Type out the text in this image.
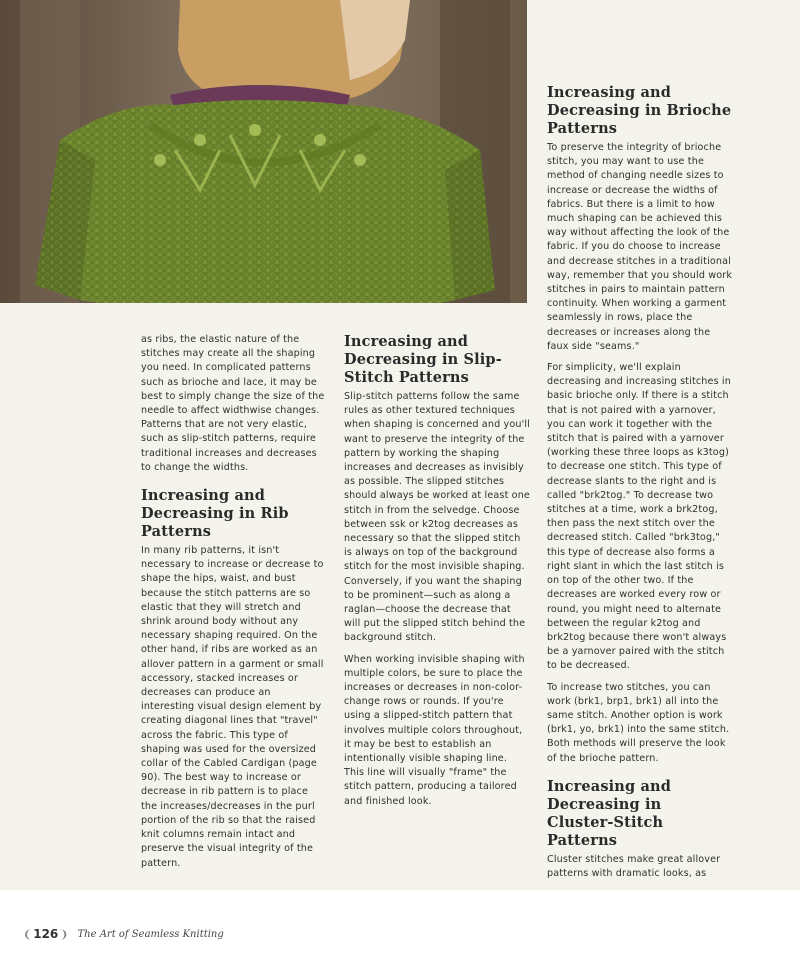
as ribs, the elastic nature of the stitches may create all the shaping you need. In complicated patterns such as brioche and lace, it may be best to simply change the size of the needle to affect widthwise changes. Patterns that are not very elastic, such as slip-stitch patterns, require traditional increases and decreases to change the widths.

Increasing and Decreasing in Rib Patterns

In many rib patterns, it isn't necessary to increase or decrease to shape the hips, waist, and bust because the stitch patterns are so elastic that they will stretch and shrink around body without any necessary shaping required. On the other hand, if ribs are worked as an allover pattern in a garment or small accessory, stacked increases or decreases can produce an interesting visual design element by creating diagonal lines that "travel" across the fabric. This type of shaping was used for the oversized collar of the Cabled Cardigan (page 90). The best way to increase or decrease in rib pattern is to place the increases/decreases in the purl portion of the rib so that the raised knit columns remain intact and preserve the visual integrity of the pattern.

Increasing and Decreasing in Slip-Stitch Patterns

Slip-stitch patterns follow the same rules as other textured techniques when shaping is concerned and you'll want to preserve the integrity of the pattern by working the shaping increases and decreases as invisibly as possible. The slipped stitches should always be worked at least one stitch in from the selvedge. Choose between ssk or k2tog decreases as necessary so that the slipped stitch is always on top of the background stitch for the most invisible shaping. Conversely, if you want the shaping to be prominent—such as along a raglan—choose the decrease that will put the slipped stitch behind the background stitch.

When working invisible shaping with multiple colors, be sure to place the increases or decreases in non-color-change rows or rounds. If you're using a slipped-stitch pattern that involves multiple colors throughout, it may be best to establish an intentionally visible shaping line. This line will visually "frame" the stitch pattern, producing a tailored and finished look.

Increasing and Decreasing in Brioche Patterns

To preserve the integrity of brioche stitch, you may want to use the method of changing needle sizes to increase or decrease the widths of fabrics. But there is a limit to how much shaping can be achieved this way without affecting the look of the fabric. If you do choose to increase and decrease stitches in a traditional way, remember that you should work stitches in pairs to maintain pattern continuity. When working a garment seamlessly in rows, place the decreases or increases along the faux side "seams."

For simplicity, we'll explain decreasing and increasing stitches in basic brioche only. If there is a stitch that is not paired with a yarnover, you can work it together with the stitch that is paired with a yarnover (working these three loops as k3tog) to decrease one stitch. This type of decrease slants to the right and is called "brk2tog." To decrease two stitches at a time, work a brk2tog, then pass the next stitch over the decreased stitch. Called "brk3tog," this type of decrease also forms a right slant in which the last stitch is on top of the other two. If the decreases are worked every row or round, you might need to alternate between the regular k2tog and brk2tog because there won't always be a yarnover paired with the stitch to be decreased.

To increase two stitches, you can work (brk1, brp1, brk1) all into the same stitch. Another option is work (brk1, yo, brk1) into the same stitch. Both methods will preserve the look of the brioche pattern.

Increasing and Decreasing in Cluster-Stitch Patterns

Cluster stitches make great allover patterns with dramatic looks, as

❨ 126 ❩ The Art of Seamless Knitting
